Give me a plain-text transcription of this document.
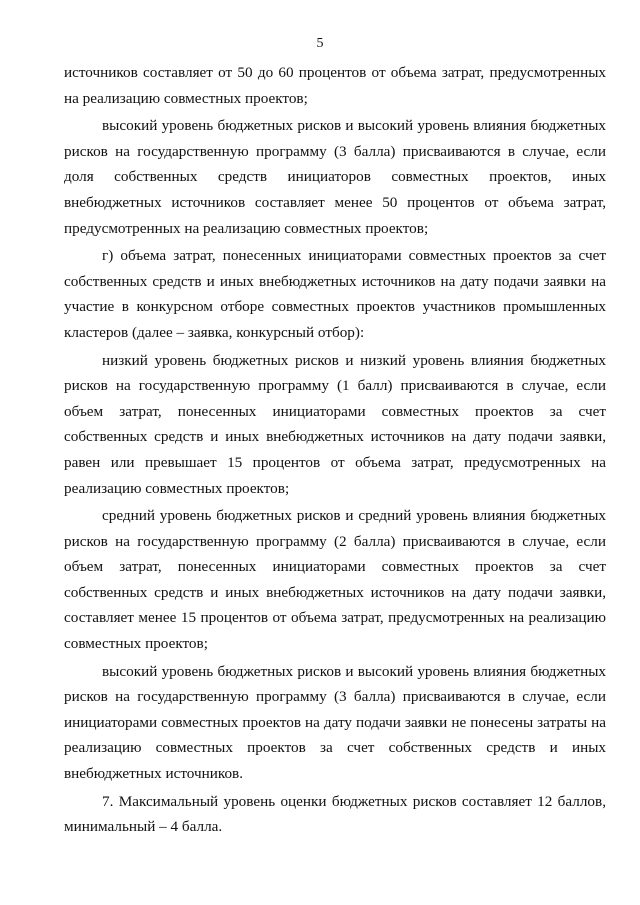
5

источников составляет от 50 до 60 процентов от объема затрат, предусмотренных на реализацию совместных проектов;

высокий уровень бюджетных рисков и высокий уровень влияния бюджетных рисков на государственную программу (3 балла) присваиваются в случае, если доля собственных средств инициаторов совместных проектов, иных внебюджетных источников составляет менее 50 процентов от объема затрат, предусмотренных на реализацию совместных проектов;

г) объема затрат, понесенных инициаторами совместных проектов за счет собственных средств и иных внебюджетных источников на дату подачи заявки на участие в конкурсном отборе совместных проектов участников промышленных кластеров (далее – заявка, конкурсный отбор):

низкий уровень бюджетных рисков и низкий уровень влияния бюджетных рисков на государственную программу (1 балл) присваиваются в случае, если объем затрат, понесенных инициаторами совместных проектов за счет собственных средств и иных внебюджетных источников на дату подачи заявки, равен или превышает 15 процентов от объема затрат, предусмотренных на реализацию совместных проектов;

средний уровень бюджетных рисков и средний уровень влияния бюджетных рисков на государственную программу (2 балла) присваиваются в случае, если объем затрат, понесенных инициаторами совместных проектов за счет собственных средств и иных внебюджетных источников на дату подачи заявки, составляет менее 15 процентов от объема затрат, предусмотренных на реализацию совместных проектов;

высокий уровень бюджетных рисков и высокий уровень влияния бюджетных рисков на государственную программу (3 балла) присваиваются в случае, если инициаторами совместных проектов на дату подачи заявки не понесены затраты на реализацию совместных проектов за счет собственных средств и иных внебюджетных источников.

7. Максимальный уровень оценки бюджетных рисков составляет 12 баллов, минимальный – 4 балла.
